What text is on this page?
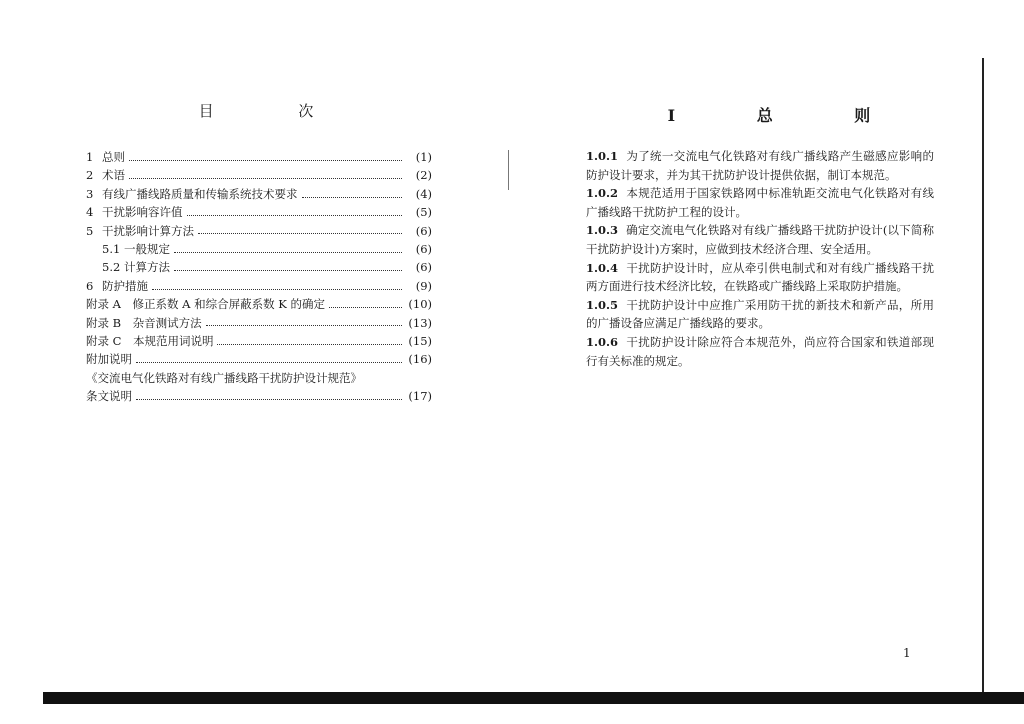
目 次
1 总则	(1)
2 术语	(2)
3 有线广播线路质量和传输系统技术要求	(4)
4 干扰影响容许值	(5)
5 干扰影响计算方法	(6)
5.1 一般规定	(6)
5.2 计算方法	(6)
6 防护措施	(9)
附录 A　修正系数 A 和综合屏蔽系数 K 的确定	(10)
附录 B　杂音测试方法	(13)
附录 C　本规范用词说明	(15)
附加说明	(16)
《交流电气化铁路对有线广播线路干扰防护设计规范》
条文说明	(17)
I 总 则

1.0.1 为了统一交流电气化铁路对有线广播线路产生磁感应影响的防护设计要求，并为其干扰防护设计提供依据，制订本规范。

1.0.2 本规范适用于国家铁路网中标准轨距交流电气化铁路对有线广播线路干扰防护工程的设计。

1.0.3 确定交流电气化铁路对有线广播线路干扰防护设计(以下简称干扰防护设计)方案时，应做到技术经济合理、安全适用。

1.0.4 干扰防护设计时，应从牵引供电制式和对有线广播线路干扰两方面进行技术经济比较，在铁路或广播线路上采取防护措施。

1.0.5 干扰防护设计中应推广采用防干扰的新技术和新产品，所用的广播设备应满足广播线路的要求。

1.0.6 干扰防护设计除应符合本规范外，尚应符合国家和铁道部现行有关标准的规定。

1
